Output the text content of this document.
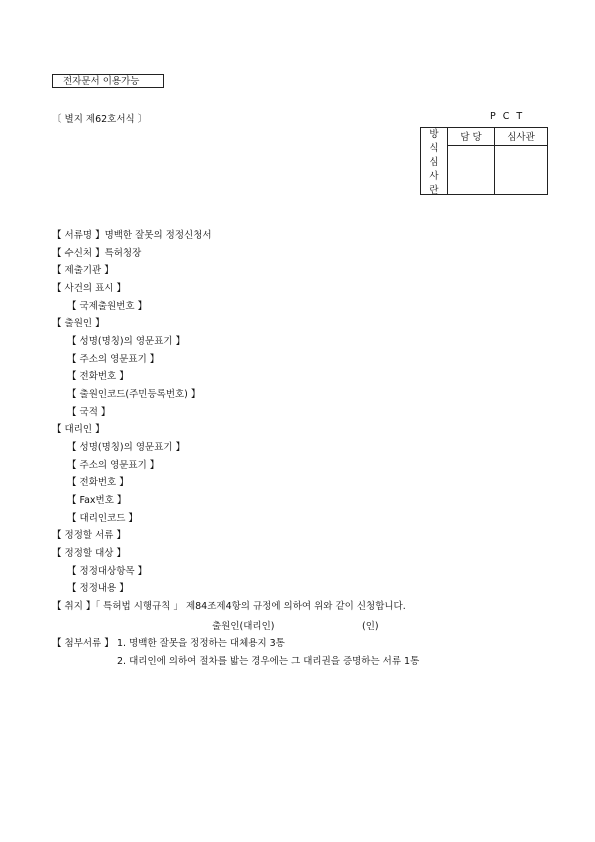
전자문서 이용가능
〔 별지 제62호서식 〕	PCT
방
식
심
사
란	담 당	심사관

【 서류명 】명백한 잘못의 정정신청서
【 수신처 】특허청장
【 제출기관 】
【 사건의 표시 】
【 국제출원번호 】
【 출원인 】
【 성명(명칭)의 영문표기 】
【 주소의 영문표기 】
【 전화번호 】
【 출원인코드(주민등록번호) 】
【 국적 】
【 대리인 】
【 성명(명칭)의 영문표기 】
【 주소의 영문표기 】
【 전화번호 】
【 Fax번호 】
【 대리인코드 】
【 정정할 서류 】
【 정정할 대상 】
【 정정대상항목 】
【 정정내용 】
【 취지 】「 특허법 시행규칙 」 제84조제4항의 규정에 의하여 위와 같이 신청합니다.
출원인(대리인)	(인)
【 첨부서류 】 1. 명백한 잘못을 정정하는 대체용지 3통
2. 대리인에 의하여 절차를 밟는 경우에는 그 대리권을 증명하는 서류 1통
